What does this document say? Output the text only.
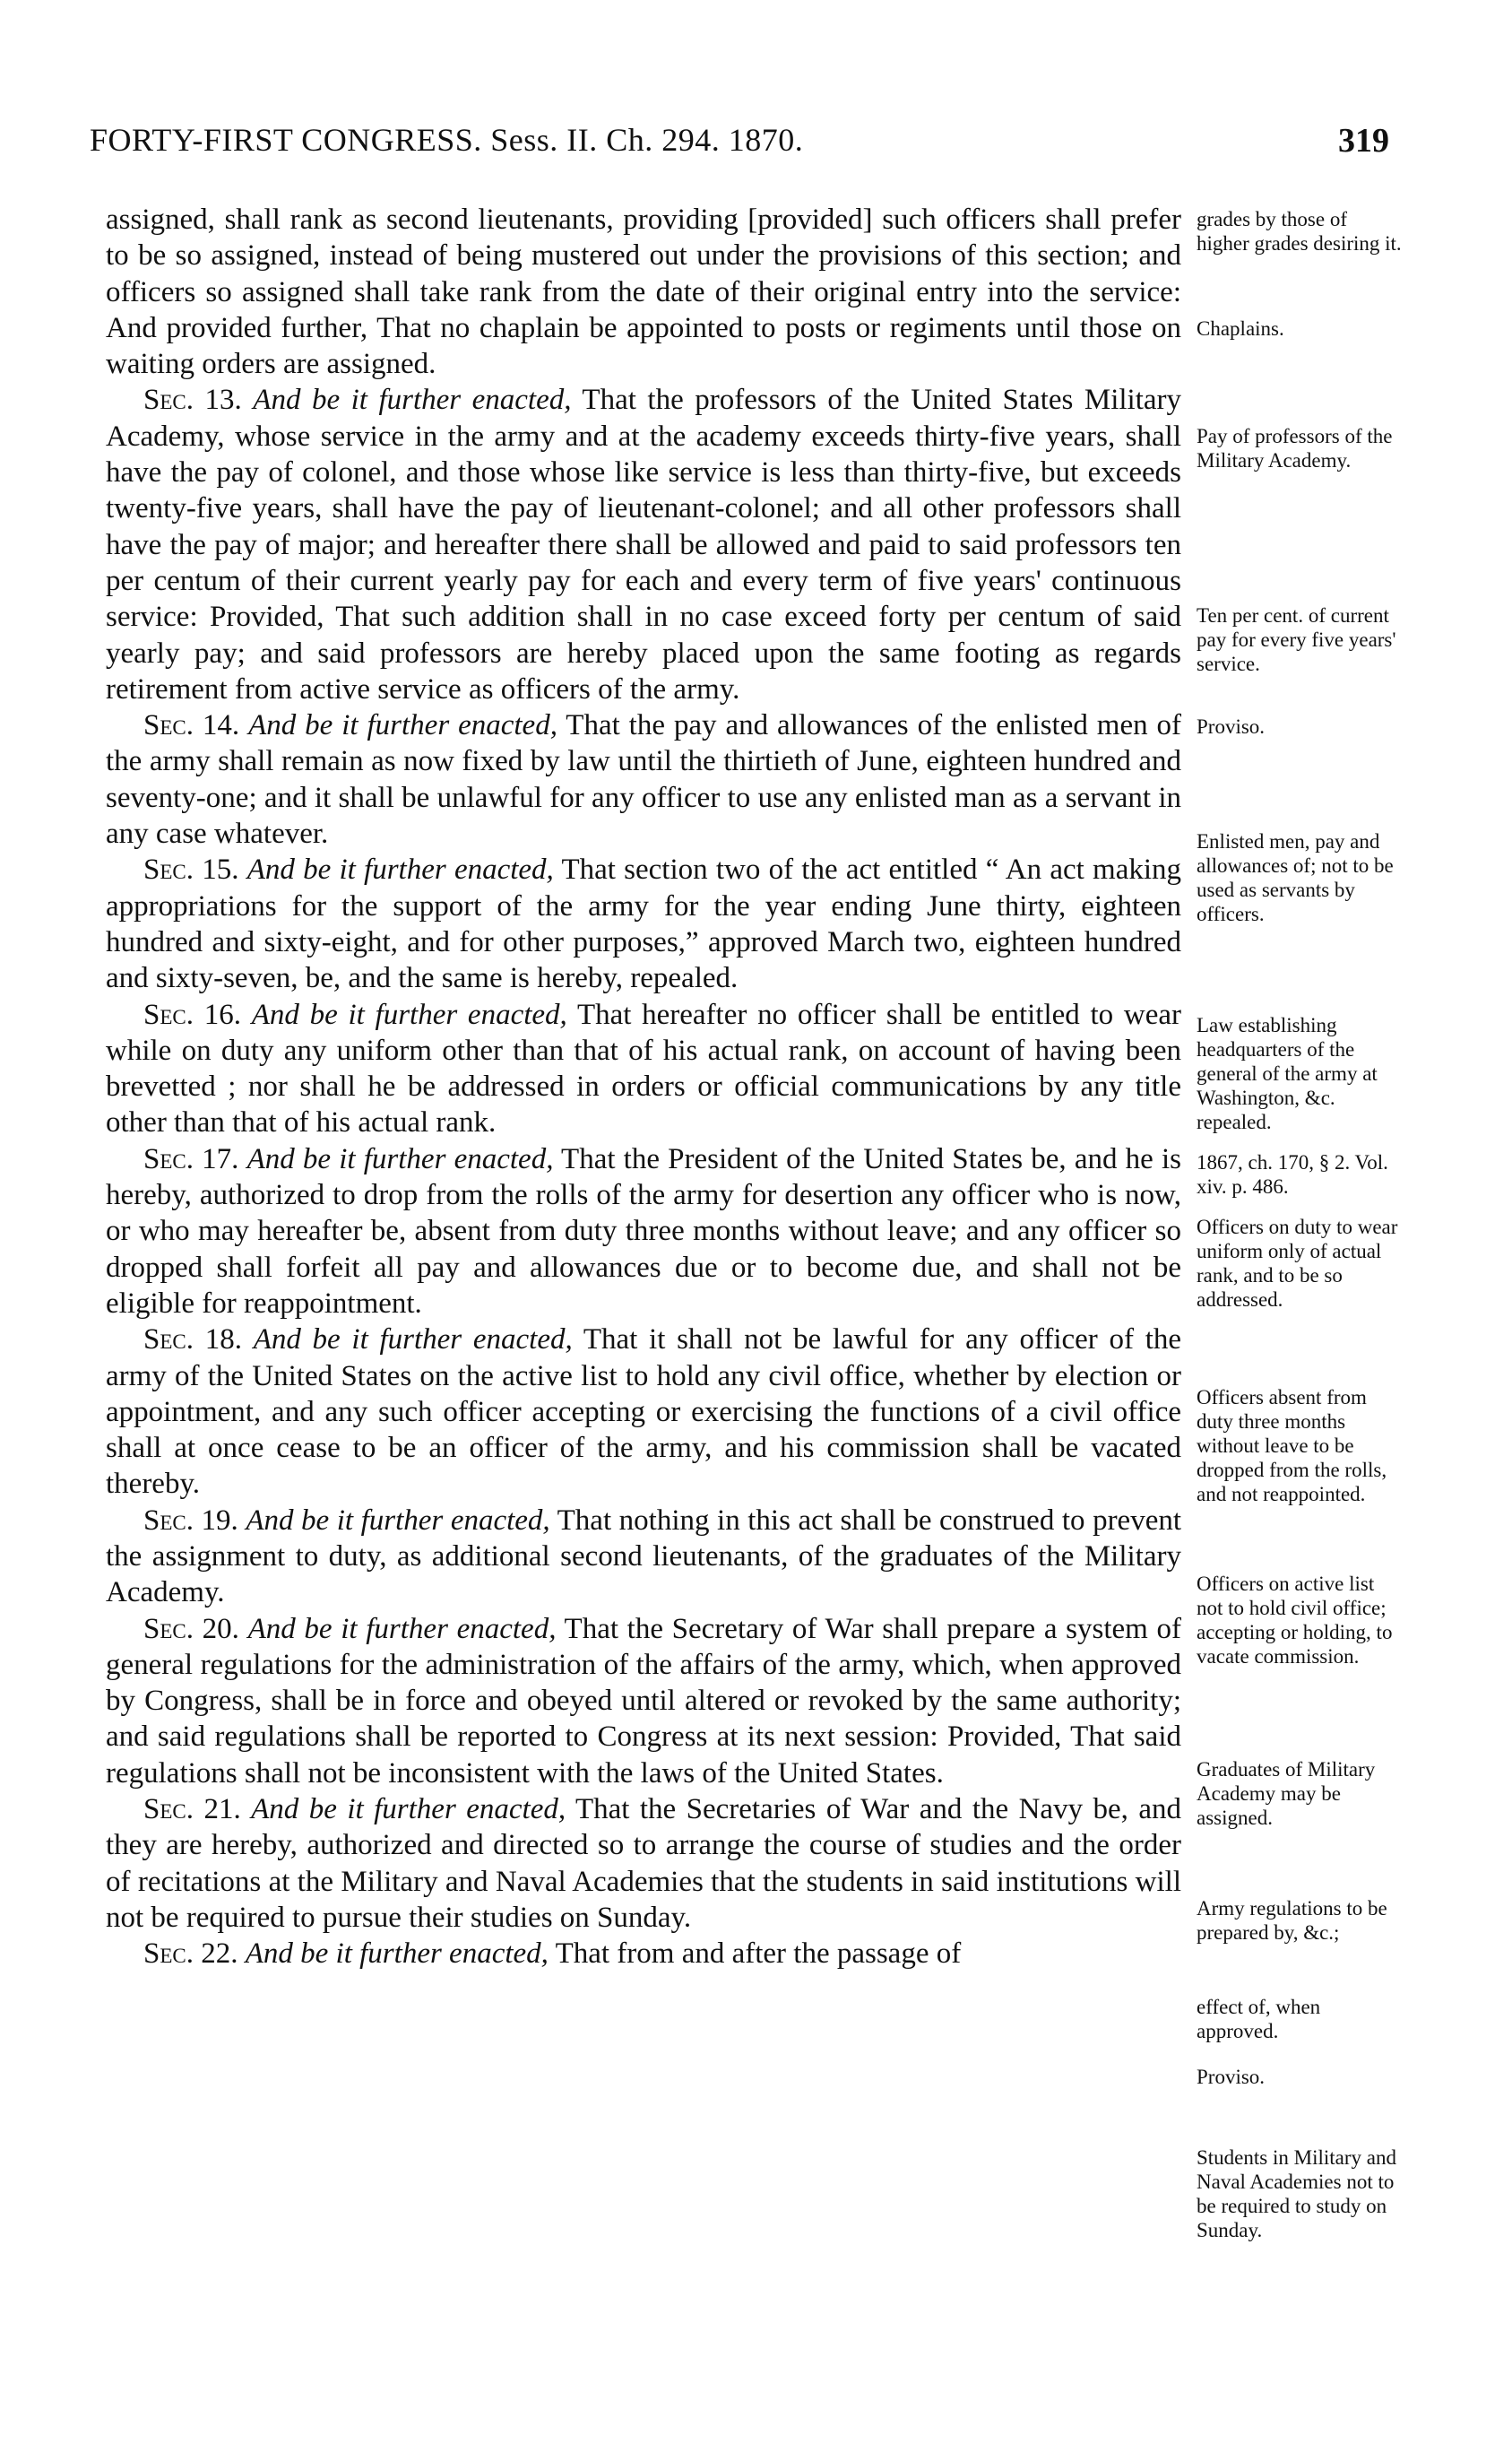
FORTY-FIRST CONGRESS. Sess. II. Ch. 294. 1870.	319

assigned, shall rank as second lieutenants, providing [provided] such officers shall prefer to be so assigned, instead of being mustered out under the provisions of this section; and officers so assigned shall take rank from the date of their original entry into the service: And provided further, That no chaplain be appointed to posts or regiments until those on waiting orders are assigned.

Sec. 13. And be it further enacted, That the professors of the United States Military Academy, whose service in the army and at the academy exceeds thirty-five years, shall have the pay of colonel, and those whose like service is less than thirty-five, but exceeds twenty-five years, shall have the pay of lieutenant-colonel; and all other professors shall have the pay of major; and hereafter there shall be allowed and paid to said professors ten per centum of their current yearly pay for each and every term of five years' continuous service: Provided, That such addition shall in no case exceed forty per centum of said yearly pay; and said professors are hereby placed upon the same footing as regards retirement from active service as officers of the army.

Sec. 14. And be it further enacted, That the pay and allowances of the enlisted men of the army shall remain as now fixed by law until the thirtieth of June, eighteen hundred and seventy-one; and it shall be unlawful for any officer to use any enlisted man as a servant in any case whatever.

Sec. 15. And be it further enacted, That section two of the act entitled “ An act making appropriations for the support of the army for the year ending June thirty, eighteen hundred and sixty-eight, and for other purposes,” approved March two, eighteen hundred and sixty-seven, be, and the same is hereby, repealed.

Sec. 16. And be it further enacted, That hereafter no officer shall be entitled to wear while on duty any uniform other than that of his actual rank, on account of having been brevetted ; nor shall he be addressed in orders or official communications by any title other than that of his actual rank.

Sec. 17. And be it further enacted, That the President of the United States be, and he is hereby, authorized to drop from the rolls of the army for desertion any officer who is now, or who may hereafter be, absent from duty three months without leave; and any officer so dropped shall forfeit all pay and allowances due or to become due, and shall not be eligible for reappointment.

Sec. 18. And be it further enacted, That it shall not be lawful for any officer of the army of the United States on the active list to hold any civil office, whether by election or appointment, and any such officer accepting or exercising the functions of a civil office shall at once cease to be an officer of the army, and his commission shall be vacated thereby.

Sec. 19. And be it further enacted, That nothing in this act shall be construed to prevent the assignment to duty, as additional second lieutenants, of the graduates of the Military Academy.

Sec. 20. And be it further enacted, That the Secretary of War shall prepare a system of general regulations for the administration of the affairs of the army, which, when approved by Congress, shall be in force and obeyed until altered or revoked by the same authority; and said regulations shall be reported to Congress at its next session: Provided, That said regulations shall not be inconsistent with the laws of the United States.

Sec. 21. And be it further enacted, That the Secretaries of War and the Navy be, and they are hereby, authorized and directed so to arrange the course of studies and the order of recitations at the Military and Naval Academies that the students in said institutions will not be required to pursue their studies on Sunday.

Sec. 22. And be it further enacted, That from and after the passage of

grades by those of higher grades desiring it.
Chaplains.
Pay of professors of the Military Academy.
Ten per cent. of current pay for every five years' service.
Proviso.
Enlisted men, pay and allowances of; not to be used as servants by officers.
Law establishing headquarters of the general of the army at Washington, &c. repealed.
1867, ch. 170, § 2. Vol. xiv. p. 486.
Officers on duty to wear uniform only of actual rank, and to be so addressed.
Officers absent from duty three months without leave to be dropped from the rolls, and not reappointed.
Officers on active list not to hold civil office; accepting or holding, to vacate commission.
Graduates of Military Academy may be assigned.
Army regulations to be prepared by, &c.;
effect of, when approved.
Proviso.
Students in Military and Naval Academies not to be required to study on Sunday.
